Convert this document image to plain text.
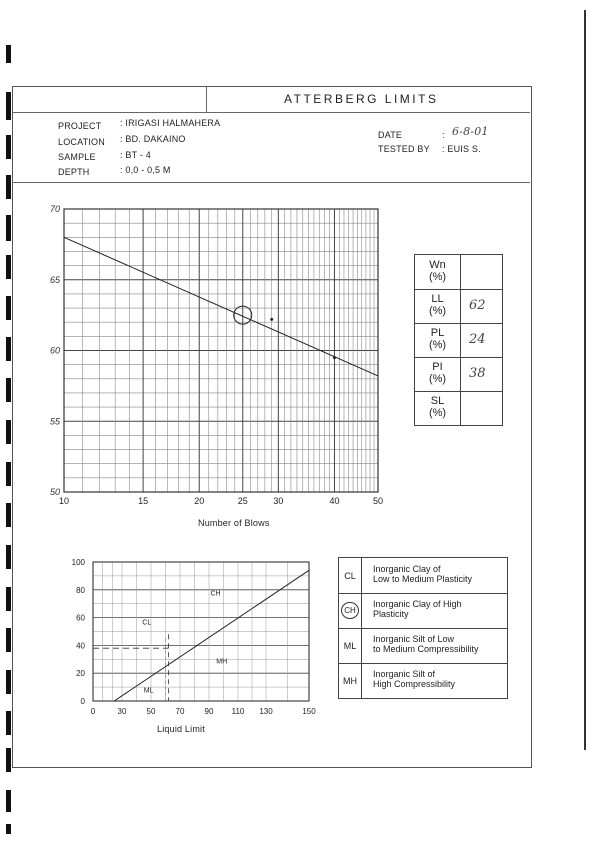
ATTERBERG LIMITS
PROJECT : IRIGASI HALMAHERA
LOCATION : BD. DAKAINO
SAMPLE	: BT - 4
DEPTH	: 0,0 - 0,5 M
DATE	: 6-8-01
TESTED BY : EUIS S.
10	15	20	25	30	40	50
50
55
60
65
70
Number of Blows
Wn
(%)
LL
(%)	62
PL
(%)	24
PI
(%)	38
SL
(%)
0	30	50	70	90 110 130	150
0
20
40
60
80
100
CH
CL
MH
ML
Liquid Limit
CL
Inorganic Clay of
Low to Medium Plasticity
CH
Inorganic Clay of High
Plasticity
ML
Inorganic Silt of Low
to Medium Compressibility
MH
Inorganic Silt of
High Compressibility
